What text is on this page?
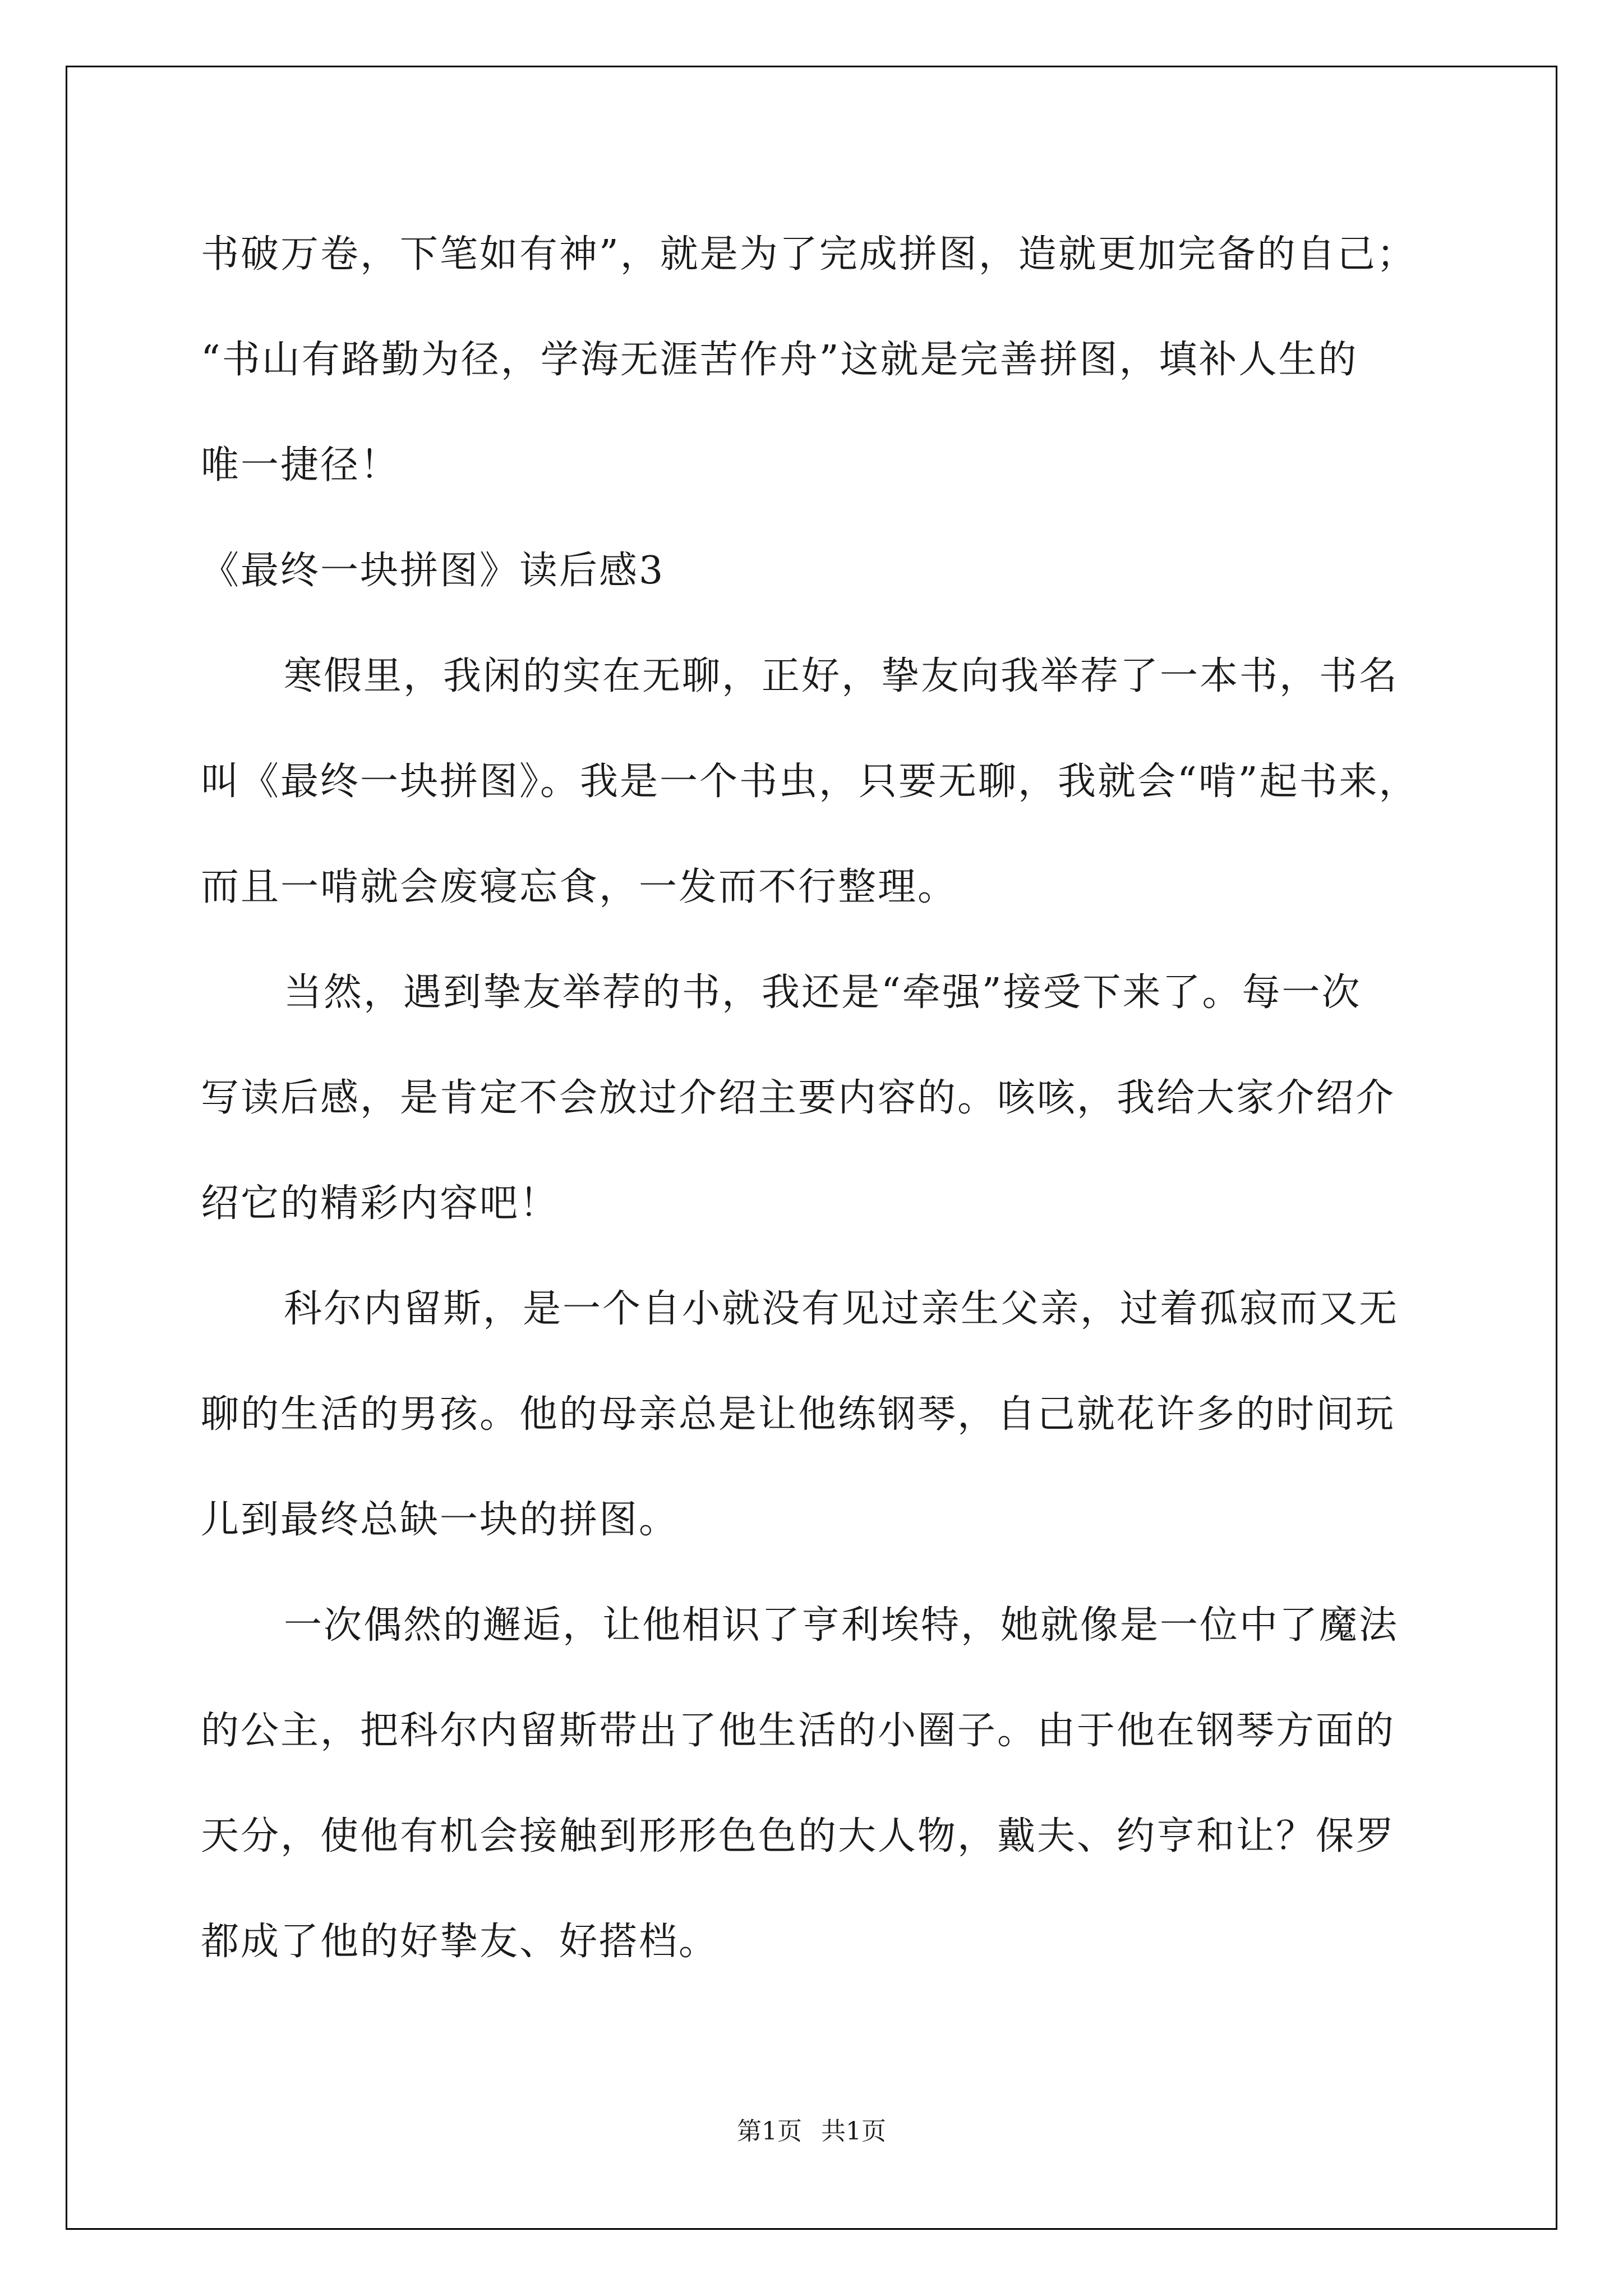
书破万卷，下笔如有神”，就是为了完成拼图，造就更加完备的自己；
“书山有路勤为径，学海无涯苦作舟”这就是完善拼图，填补人生的
唯一捷径！
《最终一块拼图》读后感3
寒假里，我闲的实在无聊，正好，挚友向我举荐了一本书，书名
叫《最终一块拼图》。我是一个书虫，只要无聊，我就会“啃”起书来，
而且一啃就会废寝忘食，一发而不行整理。
当然，遇到挚友举荐的书，我还是“牵强”接受下来了。每一次
写读后感，是肯定不会放过介绍主要内容的。咳咳，我给大家介绍介
绍它的精彩内容吧！
科尔内留斯，是一个自小就没有见过亲生父亲，过着孤寂而又无
聊的生活的男孩。他的母亲总是让他练钢琴，自己就花许多的时间玩
儿到最终总缺一块的拼图。
一次偶然的邂逅，让他相识了亨利埃特，她就像是一位中了魔法
的公主，把科尔内留斯带出了他生活的小圈子。由于他在钢琴方面的
天分，使他有机会接触到形形色色的大人物，戴夫、约亨和让？保罗
都成了他的好挚友、好搭档。
第1页 共1页
